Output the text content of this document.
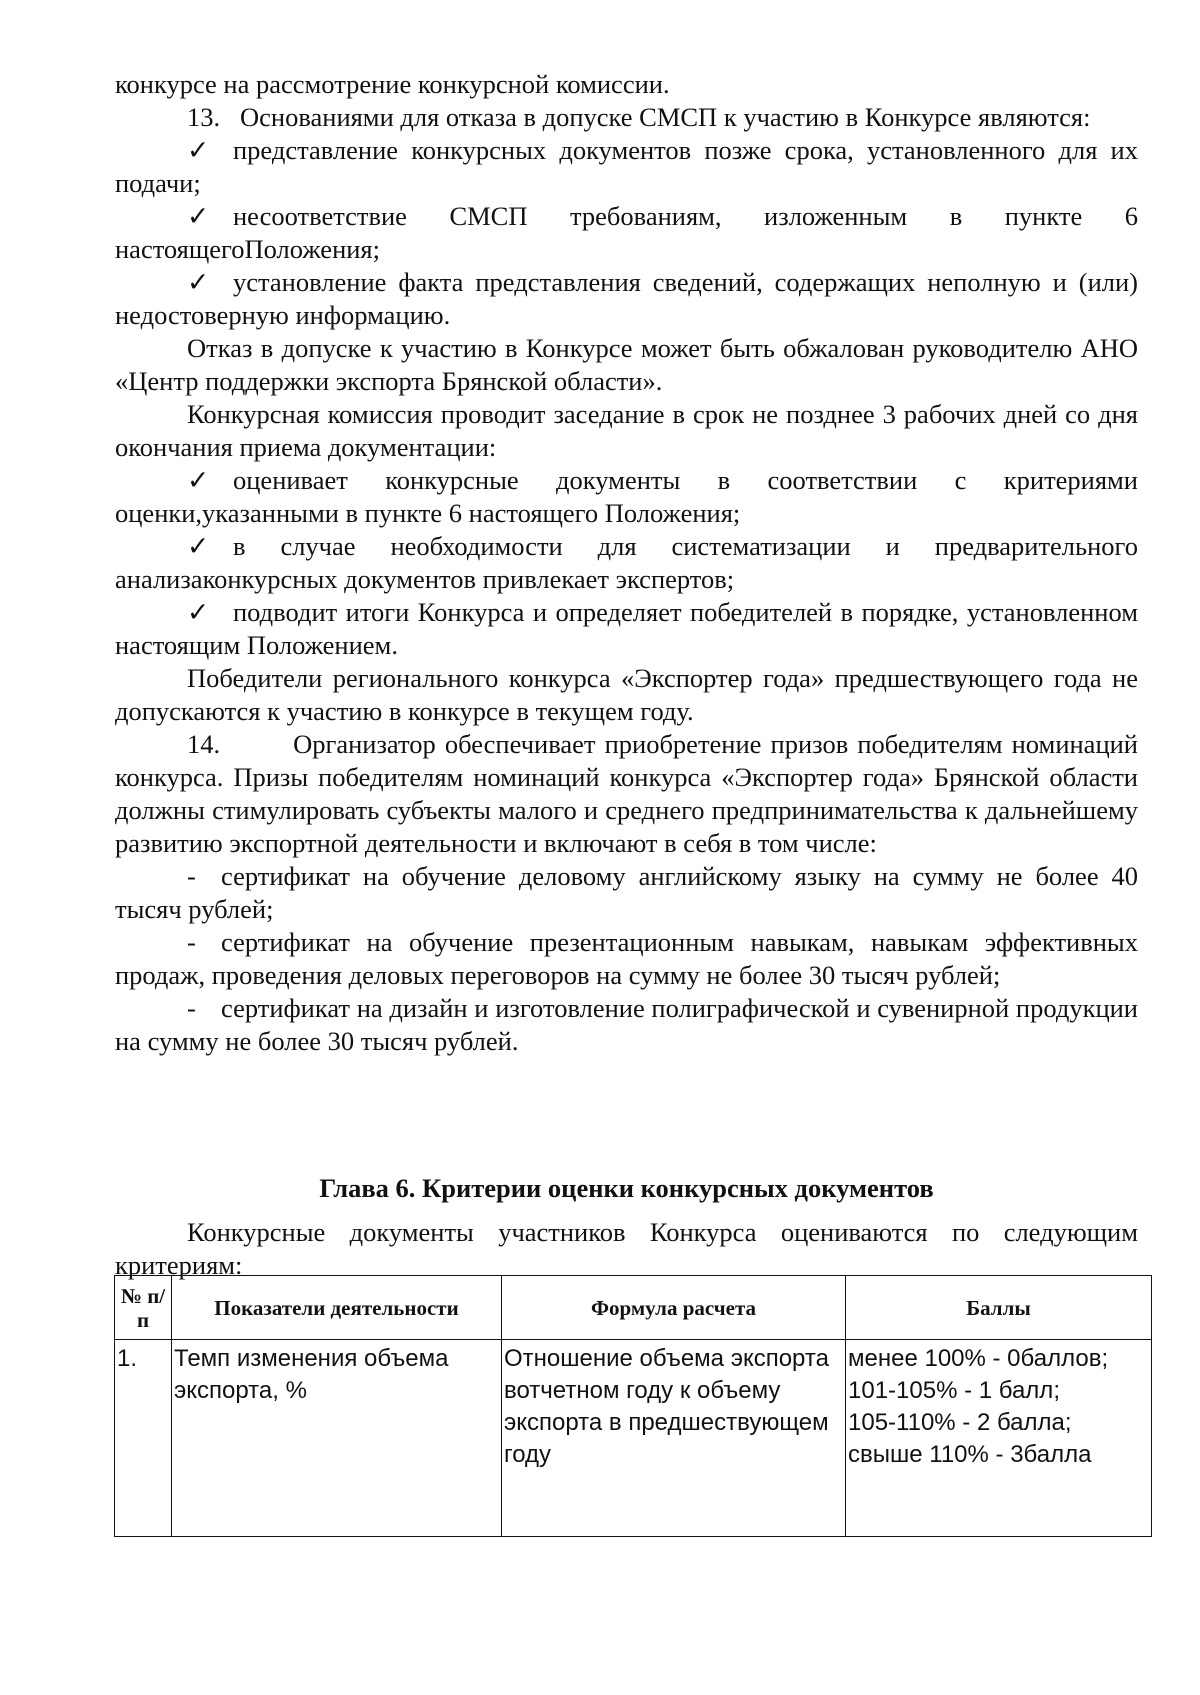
конкурсе на рассмотрение конкурсной комиссии.

13.   Основаниями для отказа в допуске СМСП к участию в Конкурсе являются:

✓ представление конкурсных документов позже срока, установленного для их подачи;

✓ несоответствие СМСП требованиям, изложенным в пункте 6 настоящегоПоложения;

✓ установление факта представления сведений, содержащих неполную и (или) недостоверную информацию.

Отказ в допуске к участию в Конкурсе может быть обжалован руководителю АНО «Центр поддержки экспорта Брянской области».

Конкурсная комиссия проводит заседание в срок не позднее 3 рабочих дней со дня окончания приема документации:

✓ оценивает конкурсные документы в соответствии с критериями оценки,указанными в пункте 6 настоящего Положения;

✓ в случае необходимости для систематизации и предварительного анализаконкурсных документов привлекает экспертов;

✓ подводит итоги Конкурса и определяет победителей в порядке, установленном настоящим Положением.

Победители регионального конкурса «Экспортер года» предшествующего года не допускаются к участию в конкурсе в текущем году.

14.        Организатор обеспечивает приобретение призов победителям номинаций конкурса. Призы победителям номинаций конкурса «Экспортер года» Брянской области должны стимулировать субъекты малого и среднего предпринимательства к дальнейшему развитию экспортной деятельности и включают в себя в том числе:

- сертификат на обучение деловому английскому языку на сумму не более 40 тысяч рублей;

- сертификат на обучение презентационным навыкам, навыкам эффективных продаж, проведения деловых переговоров на сумму не более 30 тысяч рублей;

- сертификат на дизайн и изготовление полиграфической и сувенирной продукции на сумму не более 30 тысяч рублей.

Глава 6. Критерии оценки конкурсных документов

Конкурсные документы участников Конкурса оцениваются по следующим критериям:

№ п/п	Показатели деятельности	Формула расчета	Баллы
1.	Темп изменения объема экспорта, %	Отношение объема экспорта вотчетном году к объему экспорта в предшествующем году	менее 100% - 0баллов;
101-105% - 1 балл;
105-110% - 2 балла;
свыше 110% - 3балла
